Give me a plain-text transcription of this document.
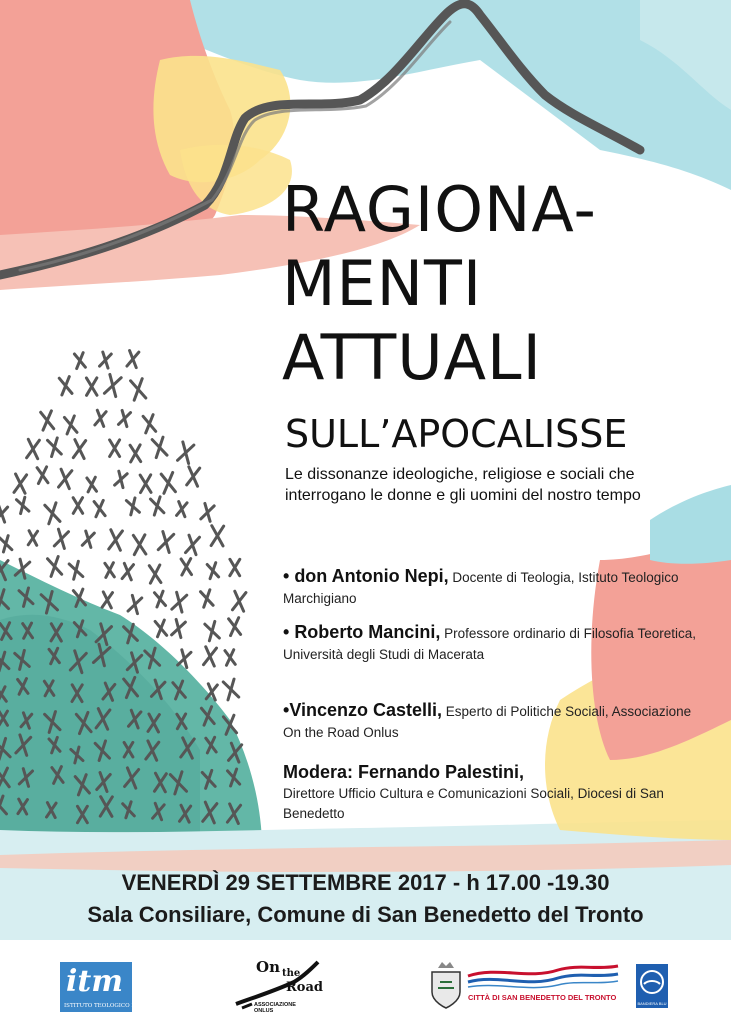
RAGIONA-
MENTI
ATTUALI
SULL’APOCALISSE
Le dissonanze ideologiche, religiose e sociali che interrogano le donne e gli uomini del nostro tempo
• don Antonio Nepi, Docente di Teologia, Istituto Teologico Marchigiano
• Roberto Mancini, Professore ordinario di Filosofia Teoretica, Università degli Studi di Macerata
•Vincenzo Castelli, Esperto di Politiche Sociali, Associazione On the Road Onlus
Modera: Fernando Palestini,
Direttore Ufficio Cultura e Comunicazioni Sociali, Diocesi di San Benedetto
VENERDÌ 29 SETTEMBRE 2017 - h 17.00 -19.30
Sala Consiliare, Comune di San Benedetto del Tronto
itm
ISTITUTO TEOLOGICO MARCHIGIANO
On the
Road
ASSOCIAZIONE
ONLUS
CITTÀ DI SAN BENEDETTO DEL TRONTO
BANDIERA BLU
